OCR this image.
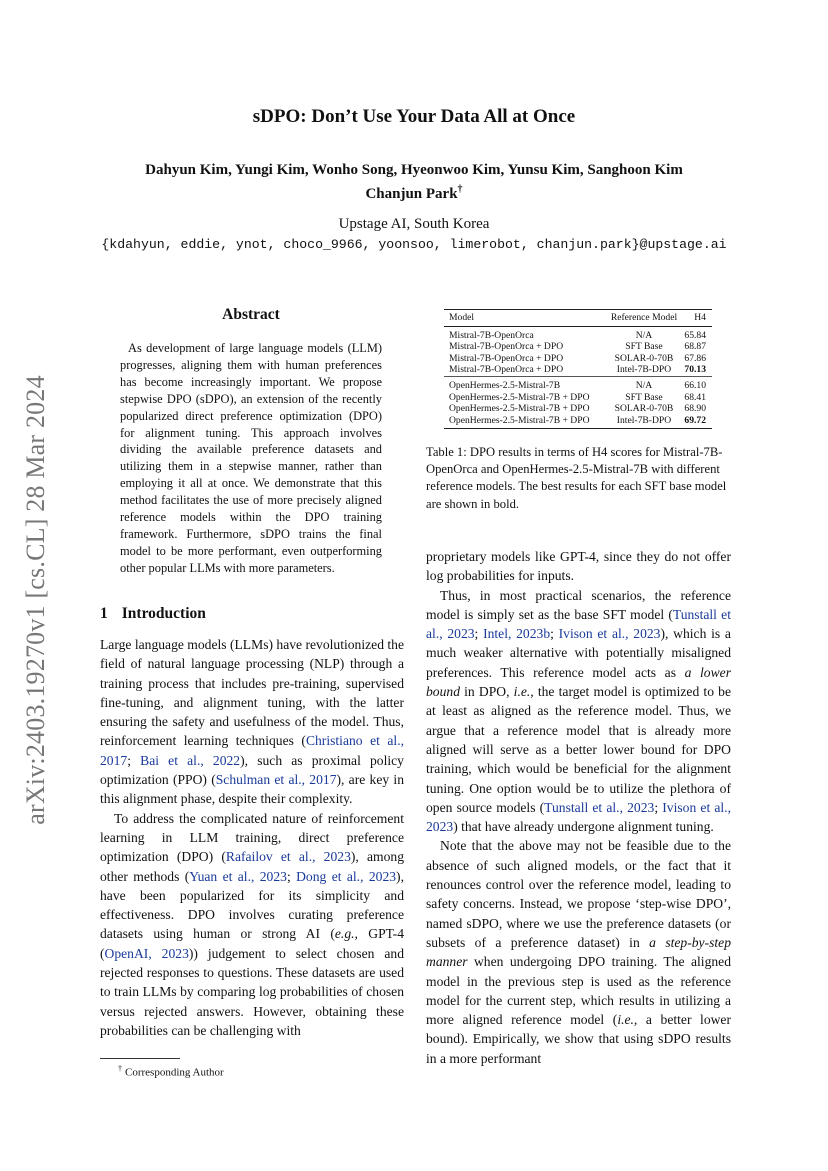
arXiv:2403.19270v1 [cs.CL] 28 Mar 2024
sDPO: Don’t Use Your Data All at Once
Dahyun Kim, Yungi Kim, Wonho Song, Hyeonwoo Kim, Yunsu Kim, Sanghoon Kim
Chanjun Park†
Upstage AI, South Korea
{kdahyun, eddie, ynot, choco_9966, yoonsoo, limerobot, chanjun.park}@upstage.ai
Abstract
As development of large language models (LLM) progresses, aligning them with human preferences has become increasingly important. We propose stepwise DPO (sDPO), an extension of the recently popularized direct preference optimization (DPO) for alignment tuning. This approach involves dividing the available preference datasets and utilizing them in a stepwise manner, rather than employing it all at once. We demonstrate that this method facilitates the use of more precisely aligned reference models within the DPO training framework. Furthermore, sDPO trains the final model to be more performant, even outperforming other popular LLMs with more parameters.
1 Introduction

Large language models (LLMs) have revolutionized the field of natural language processing (NLP) through a training process that includes pre-training, supervised fine-tuning, and alignment tuning, with the latter ensuring the safety and usefulness of the model. Thus, reinforcement learning techniques (Christiano et al., 2017; Bai et al., 2022), such as proximal policy optimization (PPO) (Schulman et al., 2017), are key in this alignment phase, despite their complexity.

To address the complicated nature of reinforcement learning in LLM training, direct preference optimization (DPO) (Rafailov et al., 2023), among other methods (Yuan et al., 2023; Dong et al., 2023), have been popularized for its simplicity and effectiveness. DPO involves curating preference datasets using human or strong AI (e.g., GPT-4 (OpenAI, 2023)) judgement to select chosen and rejected responses to questions. These datasets are used to train LLMs by comparing log probabilities of chosen versus rejected answers. However, obtaining these probabilities can be challenging with

† Corresponding Author
Model	Reference Model	H4
Mistral-7B-OpenOrca	N/A	65.84
Mistral-7B-OpenOrca + DPO	SFT Base	68.87
Mistral-7B-OpenOrca + DPO	SOLAR-0-70B	67.86
Mistral-7B-OpenOrca + DPO	Intel-7B-DPO	70.13
OpenHermes-2.5-Mistral-7B	N/A	66.10
OpenHermes-2.5-Mistral-7B + DPO	SFT Base	68.41
OpenHermes-2.5-Mistral-7B + DPO	SOLAR-0-70B	68.90
OpenHermes-2.5-Mistral-7B + DPO	Intel-7B-DPO	69.72
Table 1: DPO results in terms of H4 scores for Mistral-7B-OpenOrca and OpenHermes-2.5-Mistral-7B with different reference models. The best results for each SFT base model are shown in bold.

proprietary models like GPT-4, since they do not offer log probabilities for inputs.

Thus, in most practical scenarios, the reference model is simply set as the base SFT model (Tunstall et al., 2023; Intel, 2023b; Ivison et al., 2023), which is a much weaker alternative with potentially misaligned preferences. This reference model acts as a lower bound in DPO, i.e., the target model is optimized to be at least as aligned as the reference model. Thus, we argue that a reference model that is already more aligned will serve as a better lower bound for DPO training, which would be beneficial for the alignment tuning. One option would be to utilize the plethora of open source models (Tunstall et al., 2023; Ivison et al., 2023) that have already undergone alignment tuning.

Note that the above may not be feasible due to the absence of such aligned models, or the fact that it renounces control over the reference model, leading to safety concerns. Instead, we propose ‘step-wise DPO’, named sDPO, where we use the preference datasets (or subsets of a preference dataset) in a step-by-step manner when undergoing DPO training. The aligned model in the previous step is used as the reference model for the current step, which results in utilizing a more aligned reference model (i.e., a better lower bound). Empirically, we show that using sDPO results in a more performant
